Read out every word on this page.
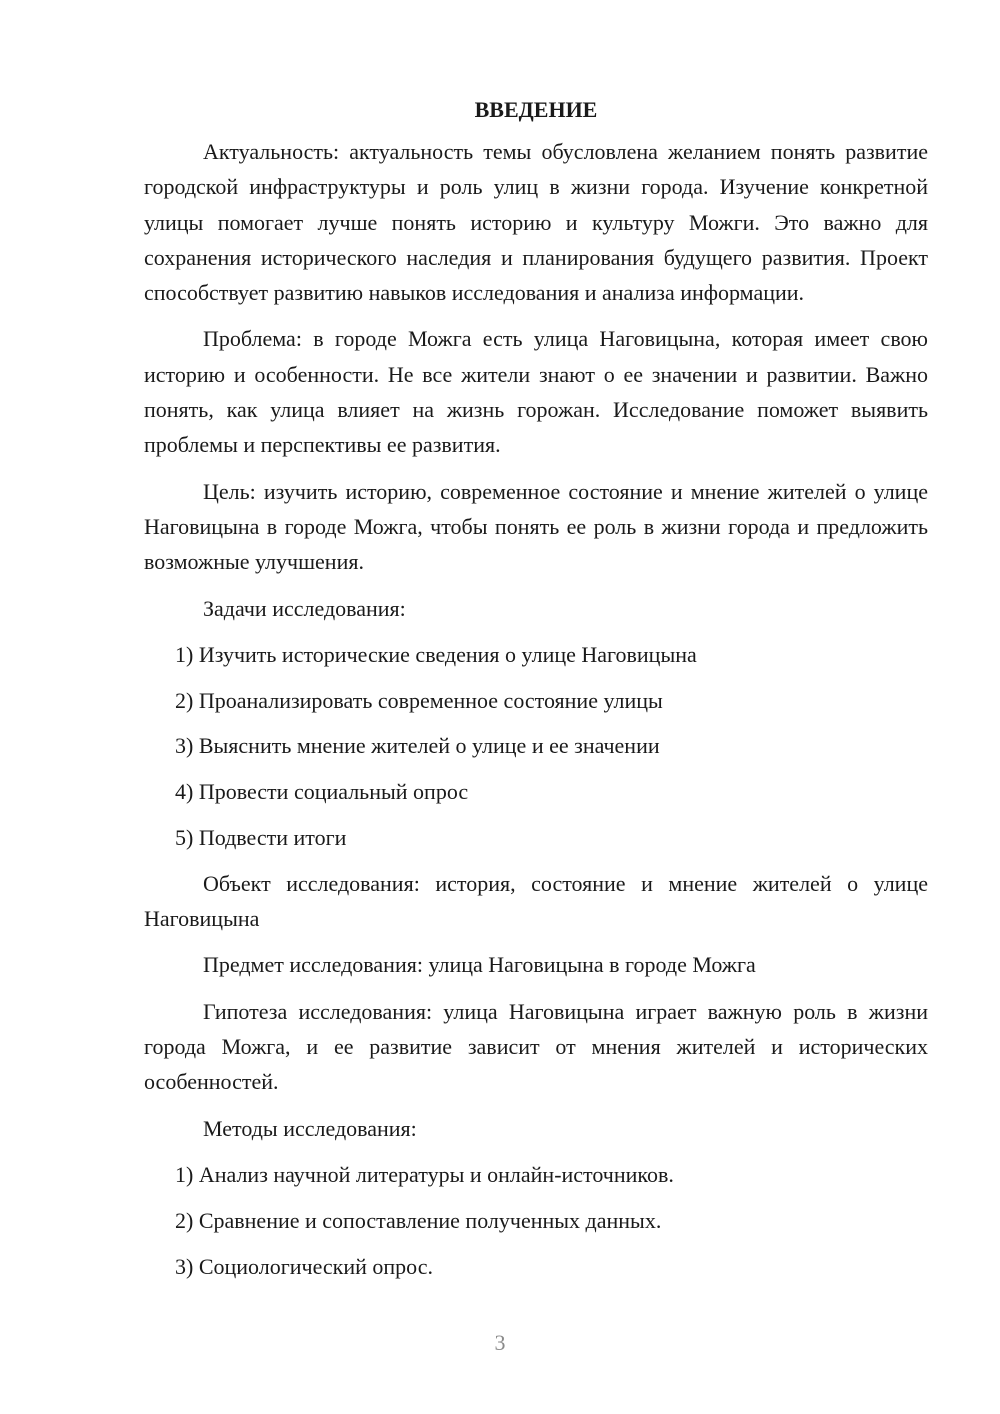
ВВЕДЕНИЕ

Актуальность: актуальность темы обусловлена желанием понять развитие городской инфраструктуры и роль улиц в жизни города. Изучение конкретной улицы помогает лучше понять историю и культуру Можги. Это важно для сохранения исторического наследия и планирования будущего развития. Проект способствует развитию навыков исследования и анализа информации.

Проблема: в городе Можга есть улица Наговицына, которая имеет свою историю и особенности. Не все жители знают о ее значении и развитии. Важно понять, как улица влияет на жизнь горожан. Исследование поможет выявить проблемы и перспективы ее развития.

Цель: изучить историю, современное состояние и мнение жителей о улице Наговицына в городе Можга, чтобы понять ее роль в жизни города и предложить возможные улучшения.

Задачи исследования:

1) Изучить исторические сведения о улице Наговицына

2) Проанализировать современное состояние улицы

3) Выяснить мнение жителей о улице и ее значении

4) Провести социальный опрос

5) Подвести итоги

Объект исследования: история, состояние и мнение жителей о улице Наговицына

Предмет исследования: улица Наговицына в городе Можга

Гипотеза исследования: улица Наговицына играет важную роль в жизни города Можга, и ее развитие зависит от мнения жителей и исторических особенностей.

Методы исследования:

1) Анализ научной литературы и онлайн-источников.

2) Сравнение и сопоставление полученных данных.

3) Социологический опрос.

3
